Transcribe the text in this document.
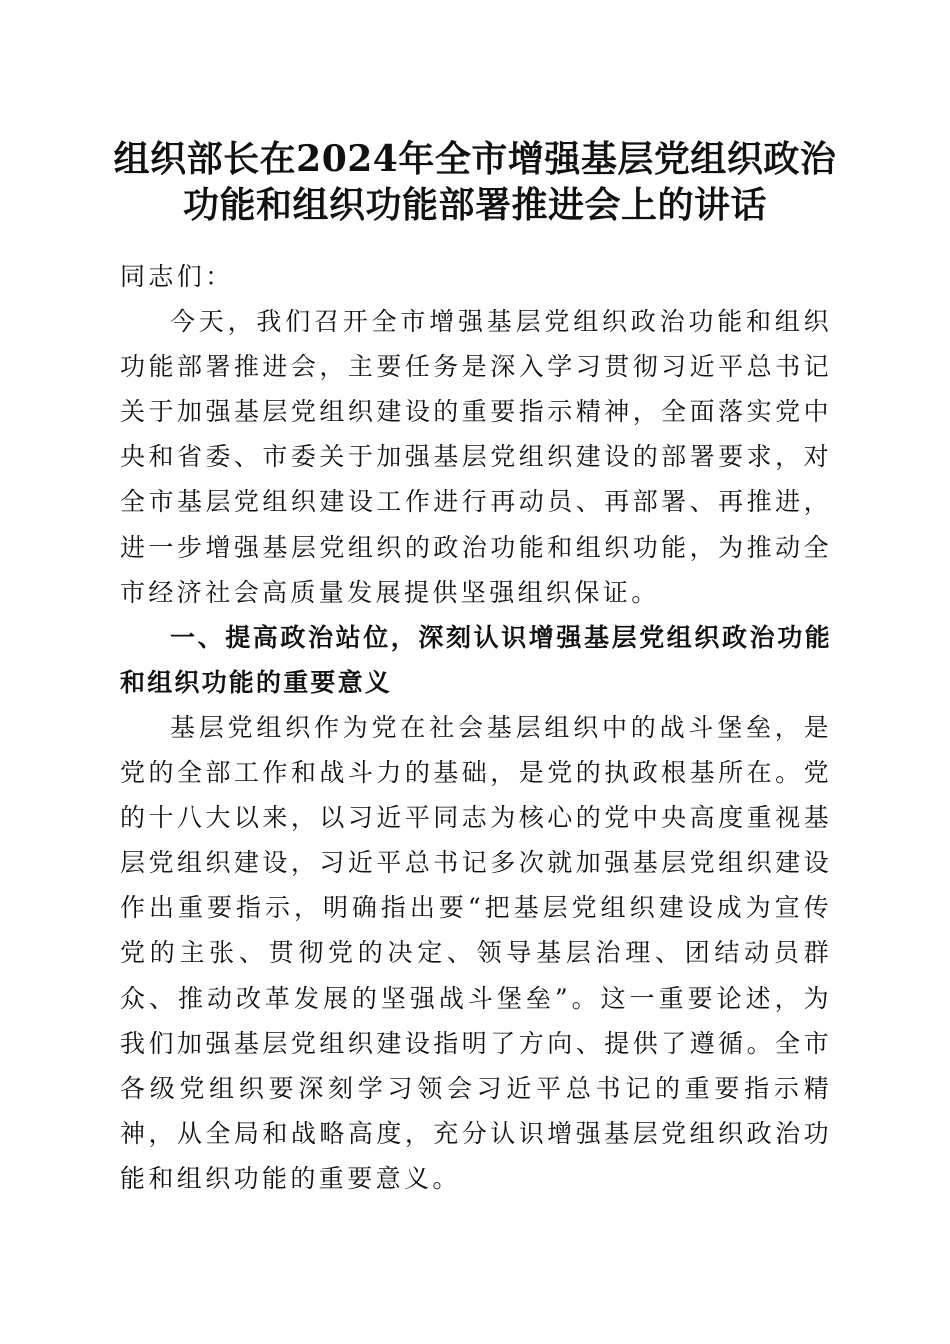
组织部长在2024年全市增强基层党组织政治
功能和组织功能部署推进会上的讲话

同志们：

今天，我们召开全市增强基层党组织政治功能和组织功能部署推进会，主要任务是深入学习贯彻习近平总书记关于加强基层党组织建设的重要指示精神，全面落实党中央和省委、市委关于加强基层党组织建设的部署要求，对全市基层党组织建设工作进行再动员、再部署、再推进，进一步增强基层党组织的政治功能和组织功能，为推动全市经济社会高质量发展提供坚强组织保证。

一、提高政治站位，深刻认识增强基层党组织政治功能和组织功能的重要意义

基层党组织作为党在社会基层组织中的战斗堡垒，是党的全部工作和战斗力的基础，是党的执政根基所在。党的十八大以来，以习近平同志为核心的党中央高度重视基层党组织建设，习近平总书记多次就加强基层党组织建设作出重要指示，明确指出要“把基层党组织建设成为宣传党的主张、贯彻党的决定、领导基层治理、团结动员群众、推动改革发展的坚强战斗堡垒”。这一重要论述，为我们加强基层党组织建设指明了方向、提供了遵循。全市各级党组织要深刻学习领会习近平总书记的重要指示精神，从全局和战略高度，充分认识增强基层党组织政治功能和组织功能的重要意义。
